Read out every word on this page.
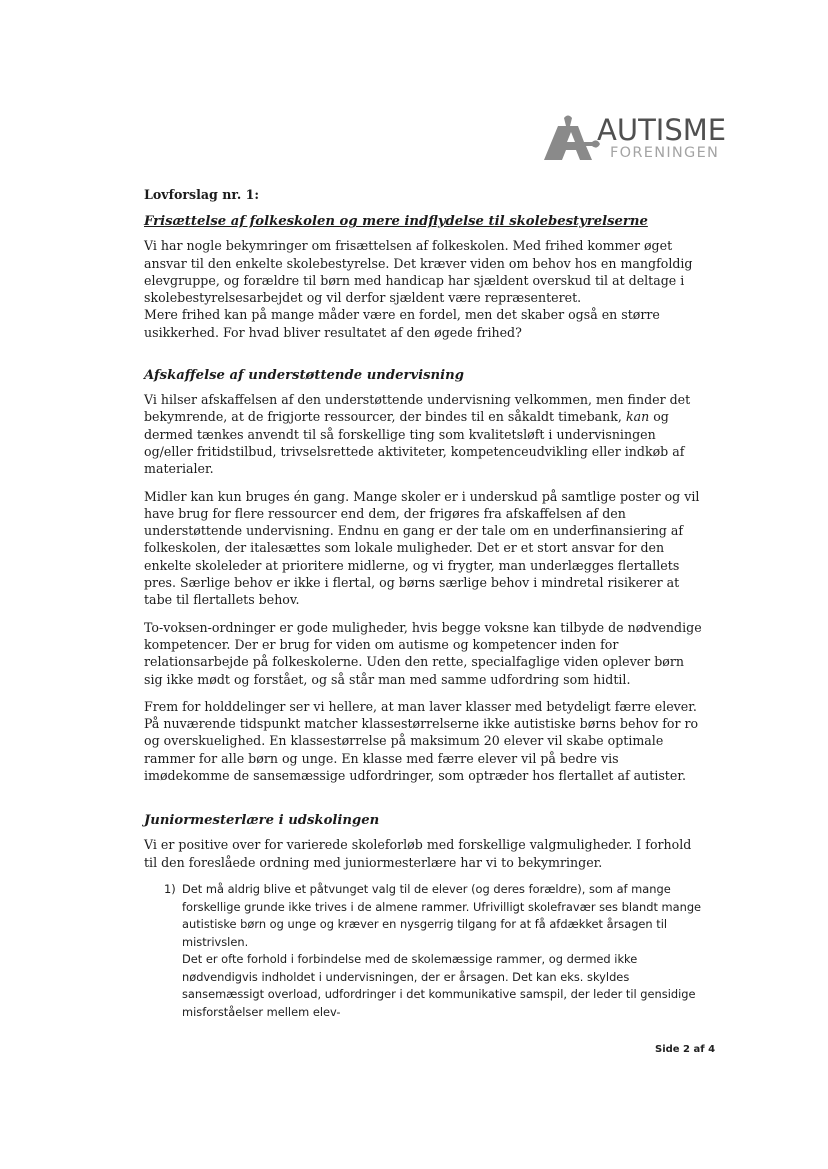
AUTISME
FORENINGEN
Lovforslag nr. 1:
Frisættelse af folkeskolen og mere indflydelse til skolebestyrelserne

Vi har nogle bekymringer om frisættelsen af folkeskolen. Med frihed kommer øget ansvar til den enkelte skolebestyrelse. Det kræver viden om behov hos en mangfoldig elevgruppe, og forældre til børn med handicap har sjældent overskud til at deltage i skolebestyrelsesarbejdet og vil derfor sjældent være repræsenteret.
Mere frihed kan på mange måder være en fordel, men det skaber også en større usikkerhed. For hvad bliver resultatet af den øgede frihed?

Afskaffelse af understøttende undervisning

Vi hilser afskaffelsen af den understøttende undervisning velkommen, men finder det bekymrende, at de frigjorte ressourcer, der bindes til en såkaldt timebank, kan og dermed tænkes anvendt til så forskellige ting som kvalitetsløft i undervisningen og/eller fritidstilbud, trivselsrettede aktiviteter, kompetenceudvikling eller indkøb af materialer.

Midler kan kun bruges én gang. Mange skoler er i underskud på samtlige poster og vil have brug for flere ressourcer end dem, der frigøres fra afskaffelsen af den understøttende undervisning. Endnu en gang er der tale om en underfinansiering af folkeskolen, der italesættes som lokale muligheder. Det er et stort ansvar for den enkelte skoleleder at prioritere midlerne, og vi frygter, man underlægges flertallets pres. Særlige behov er ikke i flertal, og børns særlige behov i mindretal risikerer at tabe til flertallets behov.

To-voksen-ordninger er gode muligheder, hvis begge voksne kan tilbyde de nødvendige kompetencer. Der er brug for viden om autisme og kompetencer inden for relationsarbejde på folkeskolerne. Uden den rette, specialfaglige viden oplever børn sig ikke mødt og forstået, og så står man med samme udfordring som hidtil.

Frem for holddelinger ser vi hellere, at man laver klasser med betydeligt færre elever. På nuværende tidspunkt matcher klassestørrelserne ikke autistiske børns behov for ro og overskuelighed. En klassestørrelse på maksimum 20 elever vil skabe optimale rammer for alle børn og unge. En klasse med færre elever vil på bedre vis imødekomme de sansemæssige udfordringer, som optræder hos flertallet af autister.

Juniormesterlære i udskolingen

Vi er positive over for varierede skoleforløb med forskellige valgmuligheder. I forhold til den foreslåede ordning med juniormesterlære har vi to bekymringer.

1) Det må aldrig blive et påtvunget valg til de elever (og deres forældre), som af mange forskellige grunde ikke trives i de almene rammer. Ufrivilligt skolefravær ses blandt mange autistiske børn og unge og kræver en nysgerrig tilgang for at få afdækket årsagen til mistrivslen.
Det er ofte forhold i forbindelse med de skolemæssige rammer, og dermed ikke nødvendigvis indholdet i undervisningen, der er årsagen. Det kan eks. skyldes sansemæssigt overload, udfordringer i det kommunikative samspil, der leder til gensidige misforståelser mellem elev-
Side 2 af 4
